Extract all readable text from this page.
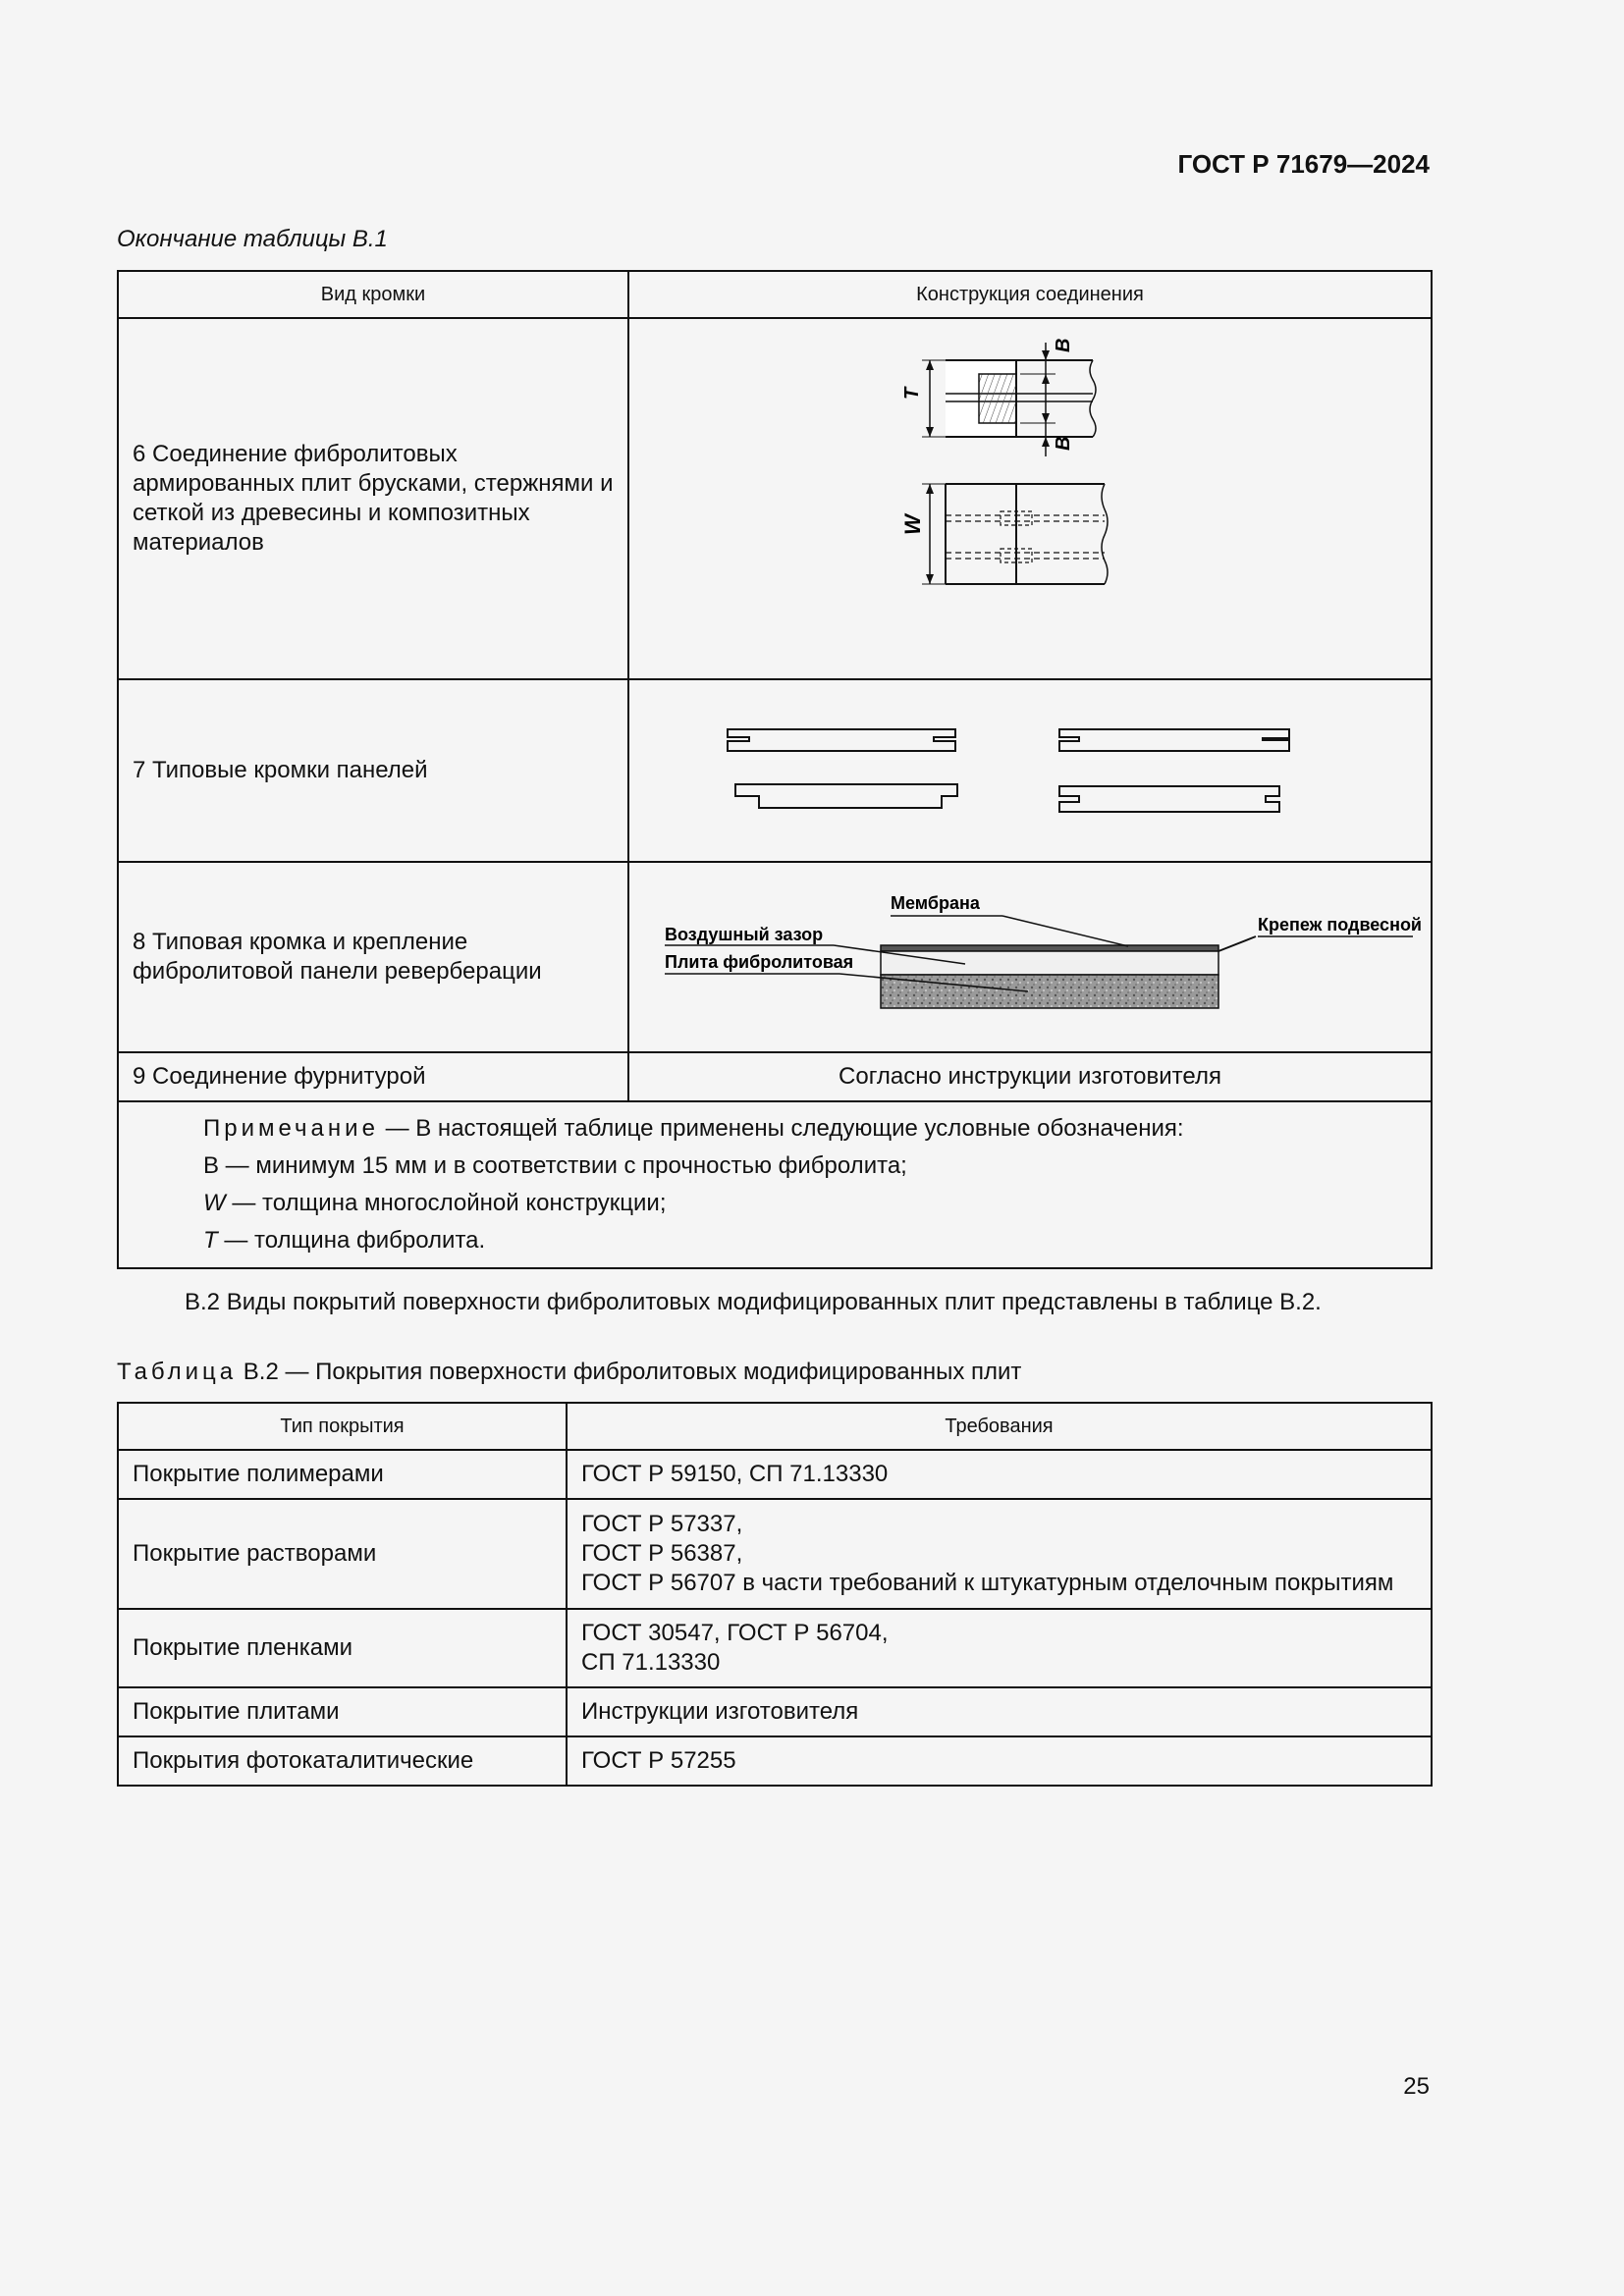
ГОСТ Р 71679—2024
Окончание таблицы В.1
Вид кромки	Конструкция соединения
6 Соединение фибролитовых армированных плит брусками, стержнями и сеткой из древесины и композитных материалов	T
В
В
W

7 Типовые кромки панелей	

8 Типовая кромка и крепление фибролитовой панели реверберации	Мембрана
Воздушный зазор
Плита фибролитовая
Крепеж подвесной

9 Соединение фурнитурой	Согласно инструкции изготовителя

Примечание — В настоящей таблице применены следующие условные обозначения:
В — минимум 15 мм и в соответствии с прочностью фибролита;
W — толщина многослойной конструкции;
T — толщина фибролита.	
В.2 Виды покрытий поверхности фибролитовых модифицированных плит представлены в таблице В.2.
Таблица В.2 — Покрытия поверхности фибролитовых модифицированных плит
Тип покрытия	Требования
Покрытие полимерами	ГОСТ Р 59150, СП 71.13330

Покрытие растворами	ГОСТ Р 57337,
ГОСТ Р 56387,
ГОСТ Р 56707 в части требований к штукатурным отделочным покрытиям

Покрытие пленками	ГОСТ 30547, ГОСТ Р 56704,
СП 71.13330

Покрытие плитами	Инструкции изготовителя

Покрытия фотокаталитические	ГОСТ Р 57255
25
